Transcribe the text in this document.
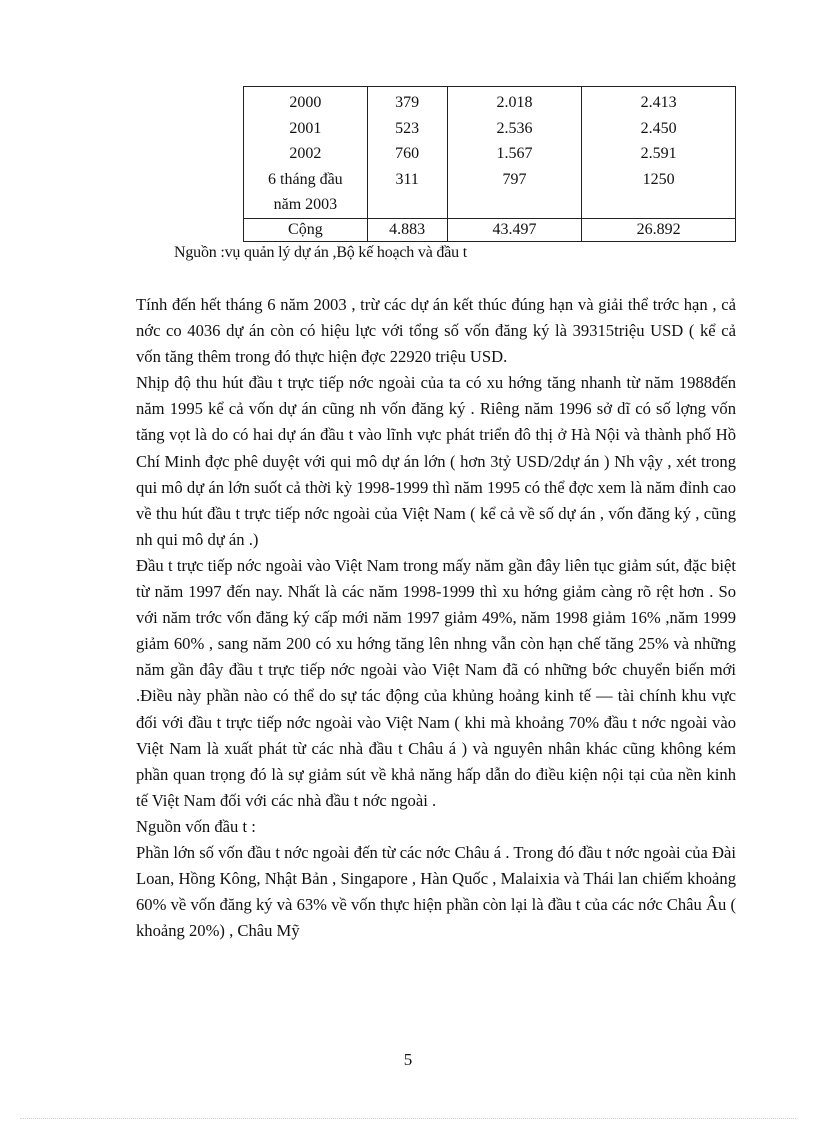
2000	379	2.018	2.413
2001	523	2.536	2.450
2002	760	1.567	2.591

6 tháng đầu
năm 2003	311	797	1250
Cộng	4.883	43.497	26.892
Nguồn :vụ quản lý dự án ,Bộ kế hoạch và đầu t

Tính đến hết tháng 6 năm 2003 , trừ các dự án kết thúc đúng hạn và giải thể trớc hạn , cả nớc co 4036 dự án còn có hiệu lực với tổng số vốn đăng ký là 39315triệu USD ( kể cả vốn tăng thêm trong đó thực hiện đợc 22920 triệu USD.

Nhịp độ thu hút đầu t trực tiếp nớc ngoài của ta có xu hớng tăng nhanh từ năm 1988đến năm 1995 kể cả vốn dự án cũng nh vốn đăng ký . Riêng năm 1996 sở dĩ có số lợng vốn tăng vọt là do có hai dự án đầu t vào lĩnh vực phát triển đô thị ở Hà Nội và thành phố Hồ Chí Minh đợc phê duyệt với qui mô dự án lớn ( hơn 3tỷ USD/2dự án ) Nh vậy , xét trong qui mô dự án lớn suốt cả thời kỳ 1998-1999 thì năm 1995 có thể đợc xem là năm đỉnh cao về thu hút đầu t trực tiếp nớc ngoài của Việt Nam ( kể cả về số dự án , vốn đăng ký , cũng nh qui mô dự án .)

Đầu t trực tiếp nớc ngoài vào Việt Nam trong mấy năm gần đây liên tục giảm sút, đặc biệt từ năm 1997 đến nay. Nhất là các năm 1998-1999 thì xu hớng giảm càng rõ rệt hơn . So với năm trớc vốn đăng ký cấp mới năm 1997 giảm 49%, năm 1998 giảm 16% ,năm 1999 giảm 60% , sang năm 200 có xu hớng tăng lên nhng vẫn còn hạn chế tăng 25% và những năm gần đây đầu t trực tiếp nớc ngoài vào Việt Nam đã có những bớc chuyển biến mới .Điều này phần nào có thể do sự tác động của khủng hoảng kinh tế — tài chính khu vực đối với đầu t trực tiếp nớc ngoài vào Việt Nam ( khi mà khoảng 70% đầu t nớc ngoài vào Việt Nam là xuất phát từ các nhà đầu t Châu á ) và nguyên nhân khác cũng không kém phần quan trọng đó là sự giảm sút về khả năng hấp dẫn do điều kiện nội tại của nền kinh tế Việt Nam đối với các nhà đầu t nớc ngoài .

Nguồn vốn đầu t :

Phần lớn số vốn đầu t nớc ngoài đến từ các nớc Châu á . Trong đó đầu t nớc ngoài của Đài Loan, Hồng Kông, Nhật Bản , Singapore , Hàn Quốc , Malaixia và Thái lan chiếm khoảng 60% về vốn đăng ký và 63% về vốn thực hiện phần còn lại là đầu t của các nớc Châu Âu ( khoảng 20%) , Châu Mỹ

5
